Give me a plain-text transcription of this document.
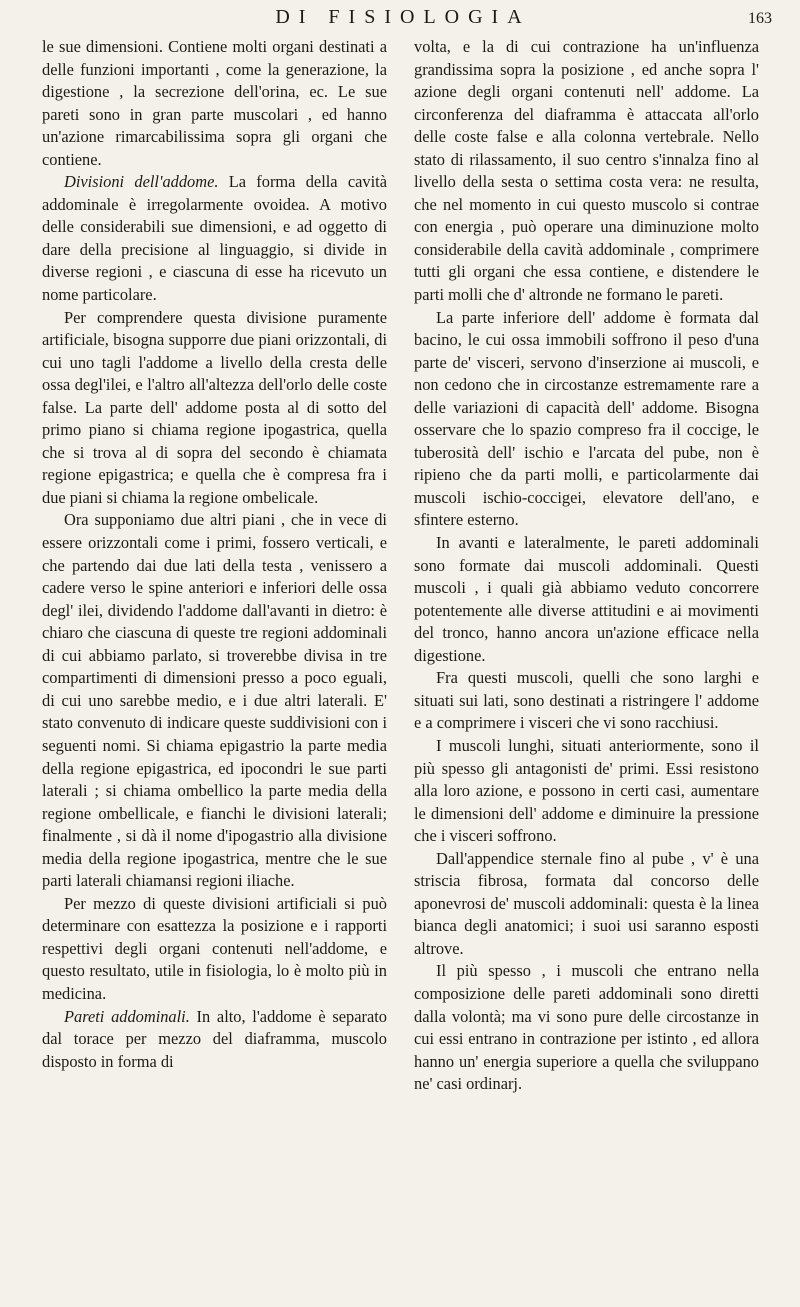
DI FISI OLOGIA	163

le sue dimensioni. Contiene molti organi destinati a delle funzioni importanti , come la generazione, la digestione , la secrezione dell'orina, ec. Le sue pareti sono in gran parte muscolari , ed hanno un'azione rimarcabilissima sopra gli organi che contiene.

Divisioni dell'addome. La forma della cavità addominale è irregolarmente ovoidea. A motivo delle considerabili sue dimensioni, e ad oggetto di dare della precisione al linguaggio, si divide in diverse regioni , e ciascuna di esse ha ricevuto un nome particolare.

Per comprendere questa divisione puramente artificiale, bisogna supporre due piani orizzontali, di cui uno tagli l'addome a livello della cresta delle ossa degl'ilei, e l'altro all'altezza dell'orlo delle coste false. La parte dell' addome posta al di sotto del primo piano si chiama regione ipogastrica, quella che si trova al di sopra del secondo è chiamata regione epigastrica; e quella che è compresa fra i due piani si chiama la regione ombelicale.

Ora supponiamo due altri piani , che in vece di essere orizzontali come i primi, fossero verticali, e che partendo dai due lati della testa , venissero a cadere verso le spine anteriori e inferiori delle ossa degl' ilei, dividendo l'addome dall'avanti in dietro: è chiaro che ciascuna di queste tre regioni addominali di cui abbiamo parlato, si troverebbe divisa in tre compartimenti di dimensioni presso a poco eguali, di cui uno sarebbe medio, e i due altri laterali. E' stato convenuto di indicare queste suddivisioni con i seguenti nomi. Si chiama epigastrio la parte media della regione epigastrica, ed ipocondri le sue parti laterali ; si chiama ombellico la parte media della regione ombellicale, e fianchi le divisioni laterali; finalmente , si dà il nome d'ipogastrio alla divisione media della regione ipogastrica, mentre che le sue parti laterali chiamansi regioni iliache.

Per mezzo di queste divisioni artificiali si può determinare con esattezza la posizione e i rapporti respettivi degli organi contenuti nell'addome, e questo resultato, utile in fisiologia, lo è molto più in medicina.

Pareti addominali. In alto, l'addome è separato dal torace per mezzo del diaframma, muscolo disposto in forma di

volta, e la di cui contrazione ha un'influenza grandissima sopra la posizione , ed anche sopra l' azione degli organi contenuti nell' addome. La circonferenza del diaframma è attaccata all'orlo delle coste false e alla colonna vertebrale. Nello stato di rilassamento, il suo centro s'innalza fino al livello della sesta o settima costa vera: ne resulta, che nel momento in cui questo muscolo si contrae con energia , può operare una diminuzione molto considerabile della cavità addominale , comprimere tutti gli organi che essa contiene, e distendere le parti molli che d' altronde ne formano le pareti.

La parte inferiore dell' addome è formata dal bacino, le cui ossa immobili soffrono il peso d'una parte de' visceri, servono d'inserzione ai muscoli, e non cedono che in circostanze estremamente rare a delle variazioni di capacità dell' addome. Bisogna osservare che lo spazio compreso fra il coccige, le tuberosità dell' ischio e l'arcata del pube, non è ripieno che da parti molli, e particolarmente dai muscoli ischio-coccigei, elevatore dell'ano, e sfintere esterno.

In avanti e lateralmente, le pareti addominali sono formate dai muscoli addominali. Questi muscoli , i quali già abbiamo veduto concorrere potentemente alle diverse attitudini e ai movimenti del tronco, hanno ancora un'azione efficace nella digestione.

Fra questi muscoli, quelli che sono larghi e situati sui lati, sono destinati a ristringere l' addome e a comprimere i visceri che vi sono racchiusi.

I muscoli lunghi, situati anteriormente, sono il più spesso gli antagonisti de' primi. Essi resistono alla loro azione, e possono in certi casi, aumentare le dimensioni dell' addome e diminuire la pressione che i visceri soffrono.

Dall'appendice sternale fino al pube , v' è una striscia fibrosa, formata dal concorso delle aponevrosi de' muscoli addominali: questa è la linea bianca degli anatomici; i suoi usi saranno esposti altrove.

Il più spesso , i muscoli che entrano nella composizione delle pareti addominali sono diretti dalla volontà; ma vi sono pure delle circostanze in cui essi entrano in contrazione per istinto , ed allora hanno un' energia superiore a quella che sviluppano ne' casi ordinarj.
